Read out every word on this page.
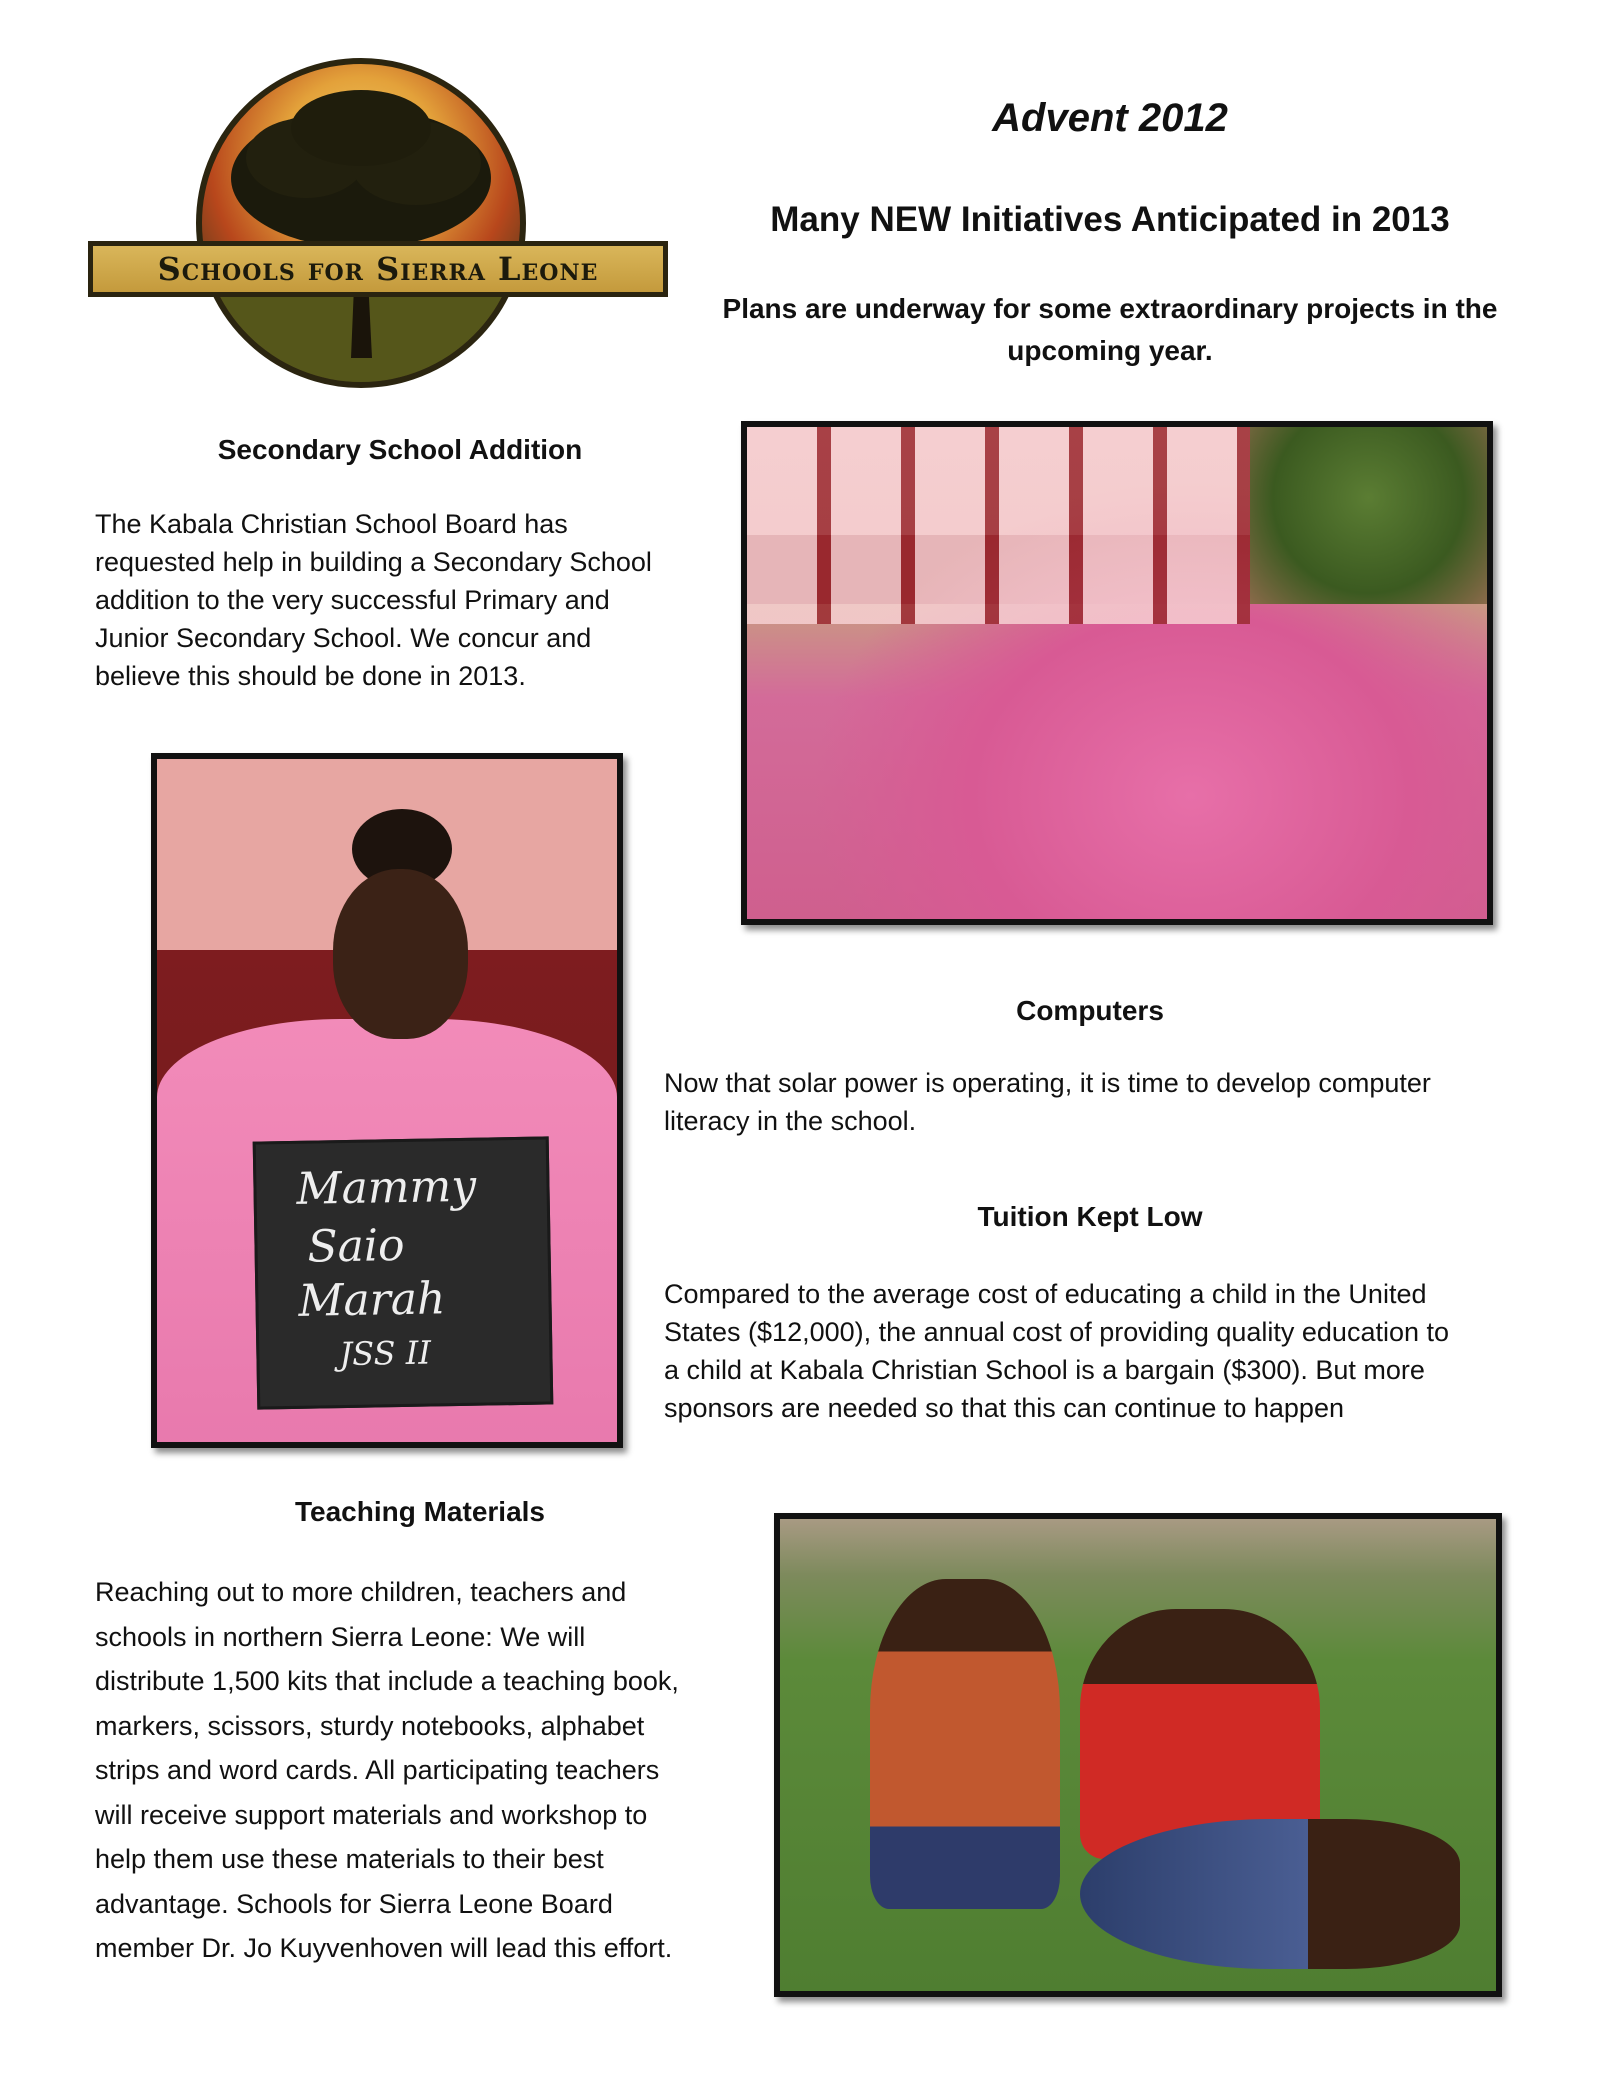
Schools for Sierra Leone
Advent 2012
Many NEW Initiatives Anticipated in 2013
Plans are underway for some extraordinary projects in the upcoming year.
Secondary School Addition
The Kabala Christian School Board has
requested help in building a Secondary School
addition to the very successful Primary and
Junior Secondary School. We concur and
believe this should be done in 2013.
Mammy
Saio
Marah
JSS II
Computers
Now that solar power is operating, it is time to develop computer
literacy in the school.
Tuition Kept Low
Compared to the average cost of educating a child in the United
States ($12,000), the annual cost of providing quality education to
a child at Kabala Christian School is a bargain ($300). But more
sponsors are needed so that this can continue to happen
Teaching Materials
Reaching out to more children, teachers and
schools in northern Sierra Leone: We will
distribute 1,500 kits that include a teaching book,
markers, scissors, sturdy notebooks, alphabet
strips and word cards. All participating teachers
will receive support materials and workshop to
help them use these materials to their best
advantage. Schools for Sierra Leone Board
member Dr. Jo Kuyvenhoven will lead this effort.
